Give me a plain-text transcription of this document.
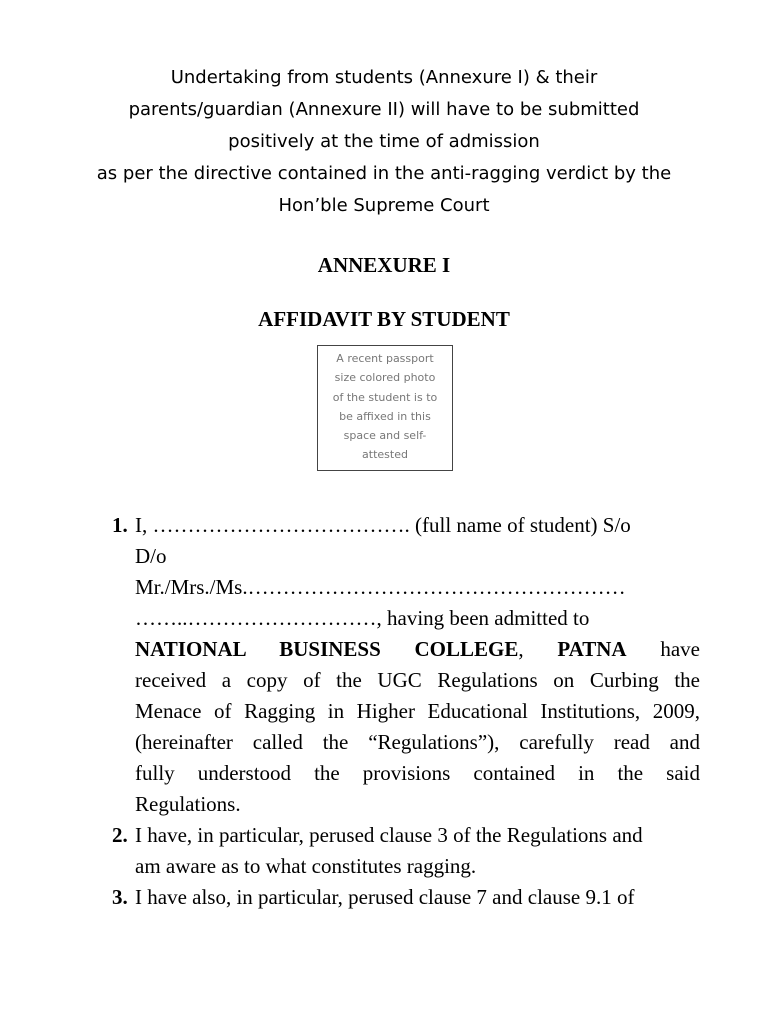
Undertaking from students (Annexure I) & their
parents/guardian (Annexure II) will have to be submitted
positively at the time of admission
as per the directive contained in the anti-ragging verdict by the
Hon’ble Supreme Court
ANNEXURE I
AFFIDAVIT BY STUDENT
A recent passport
size colored photo
of the student is to
be affixed in this
space and self-
attested
1. I, ………………………………. (full name of student) S/o
D/o
Mr./Mrs./Ms.………………………………………………
……..………………………, having been admitted to
NATIONAL BUSINESS COLLEGE, PATNA have
received a copy of the UGC Regulations on Curbing the
Menace of Ragging in Higher Educational Institutions, 2009,
(hereinafter called the “Regulations”), carefully read and
fully understood the provisions contained in the said
Regulations.
2. I have, in particular, perused clause 3 of the Regulations and
am aware as to what constitutes ragging.
3. I have also, in particular, perused clause 7 and clause 9.1 of
